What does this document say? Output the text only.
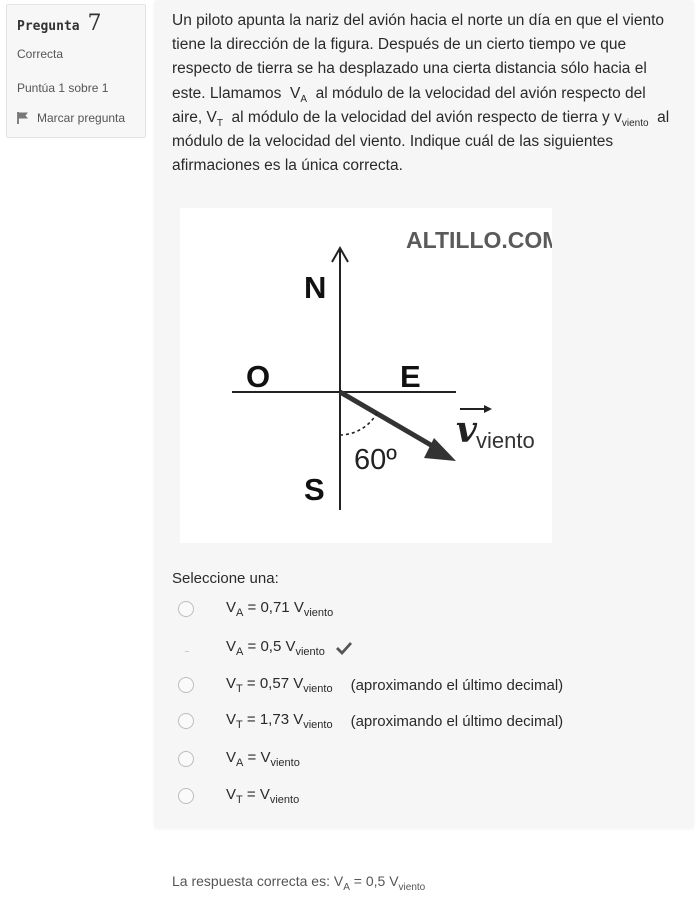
Pregunta 7
Correcta
Puntúa 1 sobre 1
Marcar pregunta
Un piloto apunta la nariz del avión hacia el norte un día en que el viento tiene la dirección de la figura. Después de un cierto tiempo ve que respecto de tierra se ha desplazado una cierta distancia sólo hacia el este. Llamamos  $V_A$  al módulo de la velocidad del avión respecto del aire, $V_T$  al módulo de la velocidad del avión respecto de tierra y $v_{viento}$  al módulo de la velocidad del viento. Indique cuál de las siguientes afirmaciones es la única correcta.
ALTILLO.COM
N
S
O	E
60º
v viento
Seleccione una:
$V_A = 0,71$ $V_{viento}$
$V_A = 0,5$ $V_{viento}$
$V_T = 0,57$ $V_{viento}$ (aproximando el último decimal)
$V_T = 1,73$ $V_{viento}$ (aproximando el último decimal)
$V_A = V_{viento}$
$V_T = V_{viento}$
La respuesta correcta es: $V_A = 0,5$ $V_{viento}$
